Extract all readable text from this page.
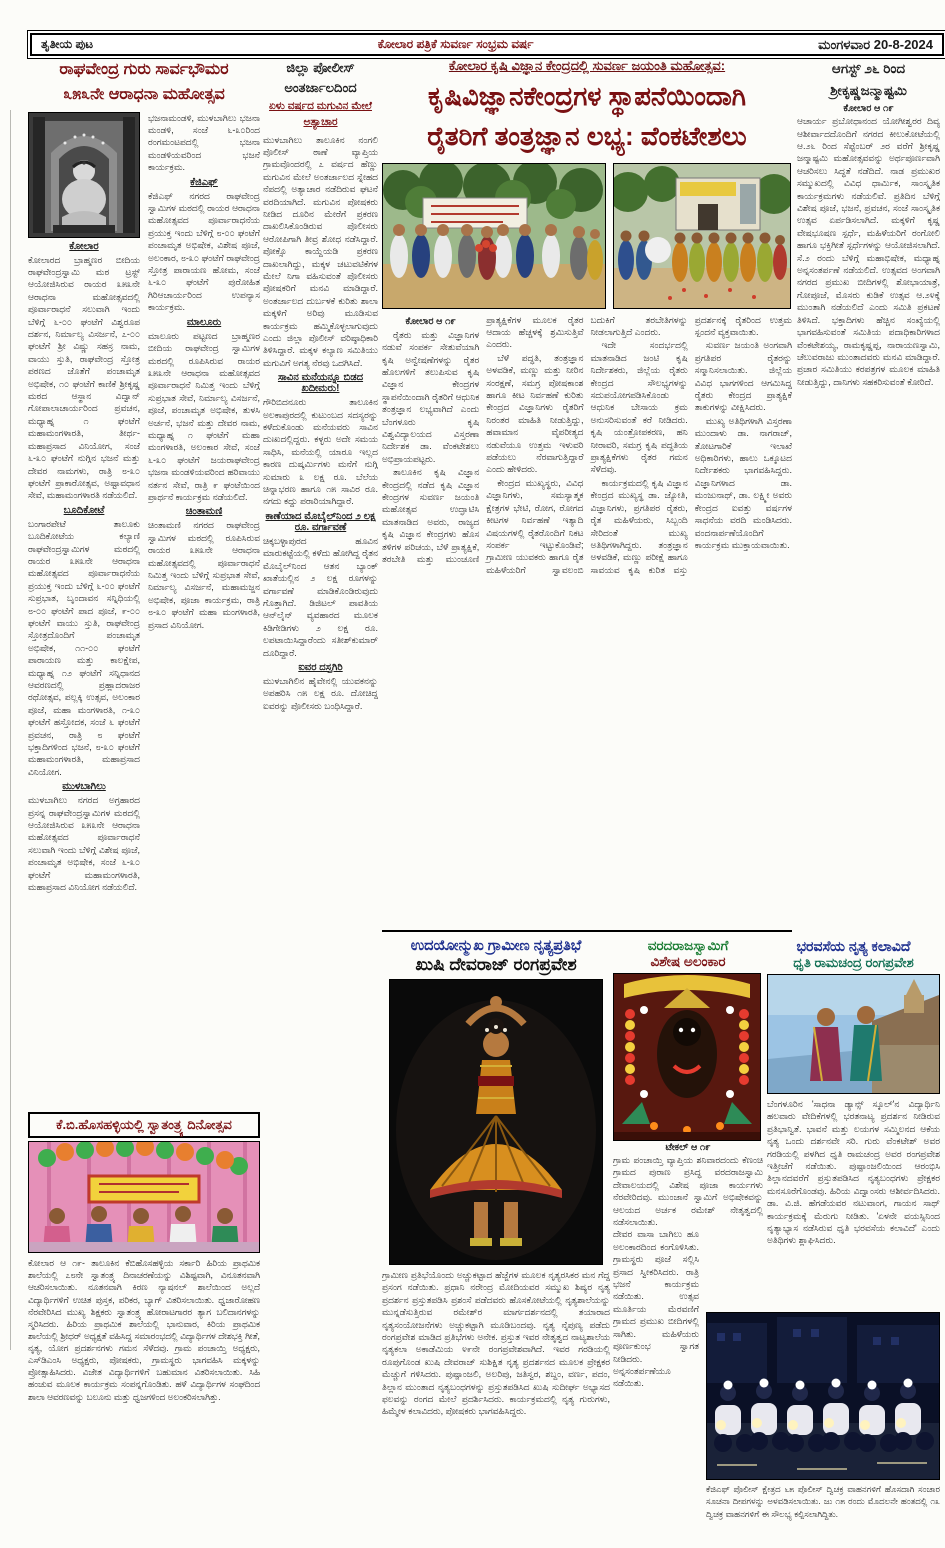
ತೃತೀಯ ಪುಟ	ಕೋಲಾರ ಪತ್ರಿಕೆ ಸುವರ್ಣ ಸಂಭ್ರಮ ವರ್ಷ	ಮಂಗಳವಾರ 20-8-2024
ರಾಘವೇಂದ್ರ ಗುರು ಸಾರ್ವಭೌಮರ
೩೫೩ನೇ ಆರಾಧನಾ ಮಹೋತ್ಸವ
ಕೋಲಾರ
ಕೋಲಾರದ ಬ್ರಾಹ್ಮಣರ ಬೀದಿಯ ರಾಘವೇಂದ್ರಸ್ವಾಮಿ ಮಠ ಟ್ರಸ್ಟ್ ಆಯೋಜಿಸಿರುವ ರಾಯರ ೩೫೩ನೇ ಆರಾಧನಾ ಮಹೋತ್ಸವದಲ್ಲಿ ಪೂರ್ವಾರಾಧನೆ ಸಲುವಾಗಿ ಇಂದು ಬೆಳಿಗ್ಗೆ ೬-೦೦ ಘಂಟೆಗೆ ವಿಶ್ವರೂಪ ದರ್ಶನ, ನಿರ್ಮಾಲ್ಯ ವಿಸರ್ಜನೆ, ೭-೦೦ ಘಂಟೆಗೆ ಶ್ರೀ ವಿಷ್ಣು ಸಹಸ್ರ ನಾಮ, ವಾಯು ಸ್ತುತಿ, ರಾಘವೇಂದ್ರ ಸ್ತೋತ್ರ ಪಠಣದ ಜೊತೆಗೆ ಪಂಚಾಮೃತ ಅಭಿಷೇಕ, ೧೦ ಘಂಟೆಗೆ ಕಾಣಿಕೆ ಶ್ರೀಕೃಷ್ಣ ಮಠದ ಆಸ್ಥಾನ ವಿದ್ವಾನ್ ಗೋಪಾಲಾಚಾರ್ಯರಿಂದ ಪ್ರವಚನ, ಮಧ್ಯಾಹ್ನ ೧ ಘಂಟೆಗೆ ಮಹಾಮಂಗಳಾರತಿ, ತೀರ್ಥ-ಮಹಾಪ್ರಸಾದ ವಿನಿಯೋಗ, ಸಂಜೆ ೬-೩೦ ಘಂಟೆಗೆ ನುಗ್ಗಿನ ಭಜನೆ ಮತ್ತು ದೇವರ ನಾಮಗಳು, ರಾತ್ರಿ ೮-೩೦ ಘಂಟೆಗೆ ಪ್ರಾಕಾರೋತ್ಸವ, ಅಷ್ಟಾವಧಾನ ಸೇವೆ, ಮಹಾಮಂಗಳಾರತಿ ನಡೆಯಲಿದೆ.
ಬೂದಿಕೋಟೆ
ಬಂಗಾರಪೇಟೆ ತಾಲೂಕು ಬೂದಿಕೋಟೆಯ ಕಲ್ಯಾಣಿ ರಾಘವೇಂದ್ರಸ್ವಾಮಿಗಳ ಮಠದಲ್ಲಿ ರಾಯರ ೩೫೩ನೇ ಆರಾಧನಾ ಮಹೋತ್ಸವದ ಪೂರ್ವಾರಾಧನೆಯ ಪ್ರಯುಕ್ತ ಇಂದು ಬೆಳಿಗ್ಗೆ ೬-೦೦ ಘಂಟೆಗೆ ಸುಪ್ರಭಾತ, ಬೃಂದಾವನ ಸನ್ನಿಧಿಯಲ್ಲಿ ೮-೦೦ ಘಂಟೆಗೆ ಪಾದ ಪೂಜೆ, ೯-೦೦ ಘಂಟೆಗೆ ವಾಯು ಸ್ತುತಿ, ರಾಘವೇಂದ್ರ ಸ್ತೋತ್ರದೊಂದಿಗೆ ಪಂಚಾಮೃತ ಅಭಿಷೇಕ, ೧೧-೦೦ ಘಂಟೆಗೆ ಪಾರಾಯಣ ಮತ್ತು ಕಾಲಕ್ಷೇಪ, ಮಧ್ಯಾಹ್ನ ೧೨ ಘಂಟೆಗೆ ಸನ್ನಿಧಾನದ ಆವರಣದಲ್ಲಿ ಪ್ರಹ್ಲಾದರಾಜರ ರಥೋತ್ಸವ, ಪಲ್ಲಕ್ಕಿ ಉತ್ಸವ, ಅಲಂಕಾರ ಪೂಜೆ, ಮಹಾ ಮಂಗಳಾರತಿ, ೧-೩೦ ಘಂಟೆಗೆ ಹಸ್ತೋದಕ, ಸಂಜೆ ೬ ಘಂಟೆಗೆ ಪ್ರವಚನ, ರಾತ್ರಿ ೮ ಘಂಟೆಗೆ ಭಕ್ತಾದಿಗಳಿಂದ ಭಜನೆ, ೮-೩೦ ಘಂಟೆಗೆ ಮಹಾಮಂಗಳಾರತಿ, ಮಹಾಪ್ರಸಾದ ವಿನಿಯೋಗ.
ಮುಳಬಾಗಿಲು
ಮುಳಬಾಗಿಲು ನಗರದ ಅಗ್ರಹಾರದ ಪ್ರಸನ್ನ ರಾಘವೇಂದ್ರಸ್ವಾಮಿಗಳ ಮಠದಲ್ಲಿ ಆಯೋಜಿಸಿರುವ ೩೫೩ನೇ ಆರಾಧನಾ ಮಹೋತ್ಸವದ ಪೂರ್ವಾರಾಧನೆ ಸಲುವಾಗಿ ಇಂದು ಬೆಳಿಗ್ಗೆ ವಿಶೇಷ ಪೂಜೆ, ಪಂಚಾಮೃತ ಅಭಿಷೇಕ, ಸಂಜೆ ೬-೩೦ ಘಂಟೆಗೆ ಮಹಾಮಂಗಳಾರತಿ, ಮಹಾಪ್ರಸಾದ ವಿನಿಯೋಗ ನಡೆಯಲಿದೆ.
ಭಜನಾಮಂಡಳಿ, ಮುಳಬಾಗಿಲು ಭಜನಾ ಮಂಡಳಿ, ಸಂಜೆ ೬-೩೦ರಿಂದ ರಂಗಮಂಟಪದಲ್ಲಿ ಭಜನಾ ಮಂಡಳಿಯವರಿಂದ ಭಜನೆ ಕಾರ್ಯಕ್ರಮ.
ಕೆಜಿಎಫ್
ಕೆಜಿಎಫ್ ನಗರದ ರಾಘವೇಂದ್ರ ಸ್ವಾಮಿಗಳ ಮಠದಲ್ಲಿ ರಾಯರ ಆರಾಧನಾ ಮಹೋತ್ಸವದ ಪೂರ್ವಾರಾಧನೆಯ ಪ್ರಯುಕ್ತ ಇಂದು ಬೆಳಿಗ್ಗೆ ೮-೦೦ ಘಂಟೆಗೆ ಪಂಚಾಮೃತ ಅಭಿಷೇಕ, ವಿಶೇಷ ಪೂಜೆ, ಅಲಂಕಾರ, ೮-೩೦ ಘಂಟೆಗೆ ರಾಘವೇಂದ್ರ ಸ್ತೋತ್ರ ಪಾರಾಯಣ ಹೋಮ, ಸಂಜೆ ೬-೩೦ ಘಂಟೆಗೆ ಪುರೋಹಿತ ಗಿರಿಆಚಾರ್ಯರಿಂದ ಉಪನ್ಯಾಸ ಕಾರ್ಯಕ್ರಮ.
ಮಾಲೂರು
ಮಾಲೂರು ಪಟ್ಟಣದ ಬ್ರಾಹ್ಮಣರ ಬೀದಿಯ ರಾಘವೇಂದ್ರ ಸ್ವಾಮಿಗಳ ಮಠದಲ್ಲಿ ರೂಪಿಸಿರುವ ರಾಯರ ೩೫೩ನೇ ಆರಾಧನಾ ಮಹೋತ್ಸವದ ಪೂರ್ವಾರಾಧನೆ ನಿಮಿತ್ತ ಇಂದು ಬೆಳಿಗ್ಗೆ ಸುಪ್ರಭಾತ ಸೇವೆ, ನಿರ್ಮಾಲ್ಯ ವಿಸರ್ಜನೆ, ಪೂಜೆ, ಪಂಚಾಮೃತ ಅಭಿಷೇಕ, ತುಳಸಿ ಅರ್ಚನೆ, ಭಜನೆ ಮತ್ತು ದೇವರ ನಾಮ, ಮಧ್ಯಾಹ್ನ ೧ ಘಂಟೆಗೆ ಮಹಾ ಮಂಗಳಾರತಿ, ಅಲಂಕಾರ ಸೇವೆ, ಸಂಜೆ ೬-೩೦ ಘಂಟೆಗೆ ಜಯರಾಘವೇಂದ್ರ ಭಜನಾ ಮಂಡಳಿಯವರಿಂದ ಹರಿವಾಯು ನರ್ತನ ಸೇವೆ, ರಾತ್ರಿ ೯ ಘಂಟೆಯಿಂದ ಪ್ರಾರ್ಥನೆ ಕಾರ್ಯಕ್ರಮ ನಡೆಯಲಿದೆ.
ಚಿಂತಾಮಣಿ
ಚಿಂತಾಮಣಿ ನಗರದ ರಾಘವೇಂದ್ರ ಸ್ವಾಮಿಗಳ ಮಠದಲ್ಲಿ ರೂಪಿಸಿರುವ ರಾಯರ ೩೫೩ನೇ ಆರಾಧನಾ ಮಹೋತ್ಸವದಲ್ಲಿ ಪೂರ್ವಾರಾಧನೆ ನಿಮಿತ್ತ ಇಂದು ಬೆಳಿಗ್ಗೆ ಸುಪ್ರಭಾತ ಸೇವೆ, ನಿರ್ಮಾಲ್ಯ ವಿಸರ್ಜನೆ, ಮಹಾಮಜ್ಜನ ಅಭಿಷೇಕ, ಪೂಜಾ ಕಾರ್ಯಕ್ರಮ, ರಾತ್ರಿ ೮-೩೦ ಘಂಟೆಗೆ ಮಹಾ ಮಂಗಳಾರತಿ, ಪ್ರಸಾದ ವಿನಿಯೋಗ.
ಜಿಲ್ಲಾ ಪೋಲೀಸ್
ಅಂತರ್ಜಾಲದಿಂದ
ಏಳು ವರ್ಷದ ಮಗುವಿನ ಮೇಲೆ ಅತ್ಯಾಚಾರ
ಮುಳಬಾಗಿಲು ತಾಲೂಕಿನ ನಂಗಲಿ ಪೊಲೀಸ್ ಠಾಣೆ ವ್ಯಾಪ್ತಿಯ ಗ್ರಾಮವೊಂದರಲ್ಲಿ ೭ ವರ್ಷದ ಹೆಣ್ಣು ಮಗುವಿನ ಮೇಲೆ ಅಂತರ್ಜಾಲದ ಸ್ನೇಹದ ನೆಪದಲ್ಲಿ ಅತ್ಯಾಚಾರ ನಡೆದಿರುವ ಘಟನೆ ವರದಿಯಾಗಿದೆ. ಮಗುವಿನ ಪೋಷಕರು ನೀಡಿದ ದೂರಿನ ಮೇರೆಗೆ ಪ್ರಕರಣ ದಾಖಲಿಸಿಕೊಂಡಿರುವ ಪೊಲೀಸರು ಆರೋಪಿಗಾಗಿ ತೀವ್ರ ಶೋಧ ನಡೆಸಿದ್ದಾರೆ. ಪೋಕ್ಸೊ ಕಾಯ್ದೆಯಡಿ ಪ್ರಕರಣ ದಾಖಲಾಗಿದ್ದು, ಮಕ್ಕಳ ಚಟುವಟಿಕೆಗಳ ಮೇಲೆ ನಿಗಾ ವಹಿಸುವಂತೆ ಪೊಲೀಸರು ಪೋಷಕರಿಗೆ ಮನವಿ ಮಾಡಿದ್ದಾರೆ. ಅಂತರ್ಜಾಲದ ದುರ್ಬಳಕೆ ಕುರಿತು ಶಾಲಾ ಮಕ್ಕಳಿಗೆ ಅರಿವು ಮೂಡಿಸುವ ಕಾರ್ಯಕ್ರಮ ಹಮ್ಮಿಕೊಳ್ಳಲಾಗುವುದು ಎಂದು ಜಿಲ್ಲಾ ಪೊಲೀಸ್ ವರಿಷ್ಠಾಧಿಕಾರಿ ತಿಳಿಸಿದ್ದಾರೆ. ಮಕ್ಕಳ ಕಲ್ಯಾಣ ಸಮಿತಿಯು ಮಗುವಿಗೆ ಅಗತ್ಯ ನೆರವು ಒದಗಿಸಿದೆ.
ಸಾವಿನ ಮನೆಯನ್ನೂ ಬಿಡದ ಖದೀಮರು!
ಗೌರಿಬಿದನೂರು ತಾಲೂಕಿನ ಅಲಕಾಪುರದಲ್ಲಿ ಕುಟುಂಬದ ಸದಸ್ಯರನ್ನು ಕಳೆದುಕೊಂಡು ಮನೆಯವರು ಸಾವಿನ ದುಃಖದಲ್ಲಿದ್ದರು. ಕಳ್ಳರು ಅದೇ ಸಮಯ ಸಾಧಿಸಿ, ಮನೆಯಲ್ಲಿ ಯಾರೂ ಇಲ್ಲದ ಕಾರಣ ದುಷ್ಕರ್ಮಿಗಳು ಮನೆಗೆ ನುಗ್ಗಿ ಸುಮಾರು ೩ ಲಕ್ಷ ರೂ. ಬೆಲೆಯ ಚಿನ್ನಾಭರಣ ಹಾಗೂ ೧೫ ಸಾವಿರ ರೂ. ನಗದು ಕದ್ದು ಪರಾರಿಯಾಗಿದ್ದಾರೆ.
ಕಾಣೆಯಾದ ಮೊಬೈಲ್‌ನಿಂದ ೨ ಲಕ್ಷ ರೂ. ವರ್ಗಾವಣೆ
ಚಿಕ್ಕಬಳ್ಳಾಪುರದ ಹೂವಿನ ಮಾರುಕಟ್ಟೆಯಲ್ಲಿ ಕಳೆದು ಹೋಗಿದ್ದ ರೈತನ ಮೊಬೈಲ್‌ನಿಂದ ಆತನ ಬ್ಯಾಂಕ್ ಖಾತೆಯಲ್ಲಿನ ೨ ಲಕ್ಷ ರೂಗಳನ್ನು ವರ್ಗಾವಣೆ ಮಾಡಿಕೊಂಡಿರುವುದು ಗೊತ್ತಾಗಿದೆ. ಡಿಜಿಟಲ್ ಪಾವತಿಯ ಆನ್‌ಲೈನ್ ವ್ಯವಹಾರದ ಮೂಲಕ ಕಿಡಿಗೇಡಿಗಳು ೨ ಲಕ್ಷ ರೂ. ಲಪಟಾಯಿಸಿದ್ದಾರೆಂದು ಸತೀಶ್‌ಕುಮಾರ್ ದೂರಿದ್ದಾರೆ.
ಐವರ ದಸ್ತಗಿರಿ
ಮುಳಬಾಗಿಲಿನ ಹೈವೇನಲ್ಲಿ ಯುವಕನನ್ನು ಅಪಹರಿಸಿ ೧೫ ಲಕ್ಷ ರೂ. ದೋಚಿದ್ದ ಐವರನ್ನು ಪೊಲೀಸರು ಬಂಧಿಸಿದ್ದಾರೆ.
ಕೋಲಾರ ಕೃಷಿ ವಿಜ್ಞಾನ ಕೇಂದ್ರದಲ್ಲಿ ಸುವರ್ಣ ಜಯಂತಿ ಮಹೋತ್ಸವ:
ಕೃಷಿವಿಜ್ಞಾನಕೇಂದ್ರಗಳ ಸ್ಥಾಪನೆಯಿಂದಾಗಿ
ರೈತರಿಗೆ ತಂತ್ರಜ್ಞಾನ ಲಭ್ಯ: ವೆಂಕಟೇಶಲು
ಕೋಲಾರ ಆ ೧೯

ರೈತರು ಮತ್ತು ವಿಜ್ಞಾನಿಗಳ ನಡುವೆ ಸಂಪರ್ಕ ಸೇತುವೆಯಾಗಿ ಕೃಷಿ ಅನ್ವೇಷಣೆಗಳನ್ನು ರೈತರ ಹೊಲಗಳಿಗೆ ತಲುಪಿಸುವ ಕೃಷಿ ವಿಜ್ಞಾನ ಕೇಂದ್ರಗಳ ಸ್ಥಾಪನೆಯಿಂದಾಗಿ ರೈತರಿಗೆ ಆಧುನಿಕ ತಂತ್ರಜ್ಞಾನ ಲಭ್ಯವಾಗಿದೆ ಎಂದು ಬೆಂಗಳೂರು ಕೃಷಿ ವಿಶ್ವವಿದ್ಯಾಲಯದ ವಿಸ್ತರಣಾ ನಿರ್ದೇಶಕ ಡಾ. ವೆಂಕಟೇಶಲು ಅಭಿಪ್ರಾಯಪಟ್ಟರು.

ತಾಲೂಕಿನ ಕೃಷಿ ವಿಜ್ಞಾನ ಕೇಂದ್ರದಲ್ಲಿ ನಡೆದ ಕೃಷಿ ವಿಜ್ಞಾನ ಕೇಂದ್ರಗಳ ಸುವರ್ಣ ಜಯಂತಿ ಮಹೋತ್ಸವ ಉದ್ಘಾಟಿಸಿ ಮಾತನಾಡಿದ ಅವರು, ರಾಜ್ಯದ ಕೃಷಿ ವಿಜ್ಞಾನ ಕೇಂದ್ರಗಳು ಹೊಸ ತಳಿಗಳ ಪರಿಚಯ, ಬೆಳೆ ಪ್ರಾತ್ಯಕ್ಷಿಕೆ, ತರಬೇತಿ ಮತ್ತು ಮುಂಚೂಣಿ ಪ್ರಾತ್ಯಕ್ಷಿಕೆಗಳ ಮೂಲಕ ರೈತರ ಆದಾಯ ಹೆಚ್ಚಳಕ್ಕೆ ಶ್ರಮಿಸುತ್ತಿವೆ ಎಂದರು.

ಬೆಳೆ ಪದ್ಧತಿ, ತಂತ್ರಜ್ಞಾನ ಅಳವಡಿಕೆ, ಮಣ್ಣು ಮತ್ತು ನೀರಿನ ಸಂರಕ್ಷಣೆ, ಸಮಗ್ರ ಪೋಷಕಾಂಶ ಹಾಗೂ ಕೀಟ ನಿರ್ವಹಣೆ ಕುರಿತು ಕೇಂದ್ರದ ವಿಜ್ಞಾನಿಗಳು ರೈತರಿಗೆ ನಿರಂತರ ಮಾಹಿತಿ ನೀಡುತ್ತಿದ್ದು, ಹವಾಮಾನ ವೈಪರೀತ್ಯದ ನಡುವೆಯೂ ಉತ್ತಮ ಇಳುವರಿ ಪಡೆಯಲು ನೆರವಾಗುತ್ತಿದ್ದಾರೆ ಎಂದು ಹೇಳಿದರು.

ಕೇಂದ್ರದ ಮುಖ್ಯಸ್ಥರು, ವಿವಿಧ ವಿಜ್ಞಾನಿಗಳು, ಸಮಸ್ಯಾತ್ಮಕ ಕ್ಷೇತ್ರಗಳ ಭೇಟಿ, ರೋಗ, ರೋಗದ ಕೀಟಗಳ ನಿರ್ವಹಣೆ ಇತ್ಯಾದಿ ವಿಷಯಗಳಲ್ಲಿ ರೈತರೊಂದಿಗೆ ನಿಕಟ ಸಂಪರ್ಕ ಇಟ್ಟುಕೊಂಡಿವೆ; ಗ್ರಾಮೀಣ ಯುವಕರು ಹಾಗೂ ರೈತ ಮಹಿಳೆಯರಿಗೆ ಸ್ವಾವಲಂಬಿ ಬದುಕಿಗೆ ತರಬೇತಿಗಳನ್ನು ನೀಡಲಾಗುತ್ತಿದೆ ಎಂದರು.

ಇದೇ ಸಂದರ್ಭದಲ್ಲಿ ಮಾತನಾಡಿದ ಜಂಟಿ ಕೃಷಿ ನಿರ್ದೇಶಕರು, ಜಿಲ್ಲೆಯ ರೈತರು ಕೇಂದ್ರದ ಸೌಲಭ್ಯಗಳನ್ನು ಸದುಪಯೋಗಪಡಿಸಿಕೊಂಡು ಆಧುನಿಕ ಬೇಸಾಯ ಕ್ರಮ ಅನುಸರಿಸುವಂತೆ ಕರೆ ನೀಡಿದರು. ಕೃಷಿ ಯಂತ್ರೋಪಕರಣ, ಹನಿ ನೀರಾವರಿ, ಸಮಗ್ರ ಕೃಷಿ ಪದ್ಧತಿಯ ಪ್ರಾತ್ಯಕ್ಷಿಕೆಗಳು ರೈತರ ಗಮನ ಸೆಳೆದವು.

ಕಾರ್ಯಕ್ರಮದಲ್ಲಿ ಕೃಷಿ ವಿಜ್ಞಾನ ಕೇಂದ್ರದ ಮುಖ್ಯಸ್ಥ ಡಾ. ಜ್ಯೋತಿ, ವಿಜ್ಞಾನಿಗಳು, ಪ್ರಗತಿಪರ ರೈತರು, ರೈತ ಮಹಿಳೆಯರು, ಸಿಬ್ಬಂದಿ ಸೇರಿದಂತೆ ಮುಖ್ಯ ಅತಿಥಿಗಳಾಗಿದ್ದರು. ತಂತ್ರಜ್ಞಾನ ಅಳವಡಿಕೆ, ಮಣ್ಣು ಪರೀಕ್ಷೆ ಹಾಗೂ ಸಾವಯವ ಕೃಷಿ ಕುರಿತ ವಸ್ತು ಪ್ರದರ್ಶನಕ್ಕೆ ರೈತರಿಂದ ಉತ್ತಮ ಸ್ಪಂದನೆ ವ್ಯಕ್ತವಾಯಿತು.

ಸುವರ್ಣ ಜಯಂತಿ ಅಂಗವಾಗಿ ಪ್ರಗತಿಪರ ರೈತರನ್ನು ಸನ್ಮಾನಿಸಲಾಯಿತು. ಜಿಲ್ಲೆಯ ವಿವಿಧ ಭಾಗಗಳಿಂದ ಆಗಮಿಸಿದ್ದ ರೈತರು ಕೇಂದ್ರದ ಪ್ರಾತ್ಯಕ್ಷಿಕೆ ತಾಕುಗಳನ್ನು ವೀಕ್ಷಿಸಿದರು.

ಮುಖ್ಯ ಅತಿಥಿಗಳಾಗಿ ವಿಸ್ತರಣಾ ಮುಂದಾಳು ಡಾ. ನಾಗರಾಜ್, ತೋಟಗಾರಿಕೆ ಇಲಾಖೆ ಅಧಿಕಾರಿಗಳು, ಹಾಲು ಒಕ್ಕೂಟದ ನಿರ್ದೇಶಕರು ಭಾಗವಹಿಸಿದ್ದರು. ವಿಜ್ಞಾನಿಗಳಾದ ಡಾ. ಮಂಜುನಾಥ್, ಡಾ. ಲಕ್ಷ್ಮೀ ಅವರು ಕೇಂದ್ರದ ಐವತ್ತು ವರ್ಷಗಳ ಸಾಧನೆಯ ವರದಿ ಮಂಡಿಸಿದರು. ವಂದನಾರ್ಪಣೆಯೊಂದಿಗೆ ಕಾರ್ಯಕ್ರಮ ಮುಕ್ತಾಯವಾಯಿತು.

ಆಗಸ್ಟ್ ೨೬ ರಿಂದ
ಶ್ರೀಕೃಷ್ಣಜನ್ಮಾಷ್ಟಮಿ
ಕೋಲಾರ ಆ ೧೯
ಆಚಾರ್ಯ ಪ್ರಬೋಧಾನಂದ ಯೋಗೀಶ್ವರರ ದಿವ್ಯ ಆಶೀರ್ವಾದದೊಂದಿಗೆ ನಗರದ ಕೀಲುಕೋಟೆಯಲ್ಲಿ ಆ.೨೬ ರಿಂದ ಸೆಪ್ಟೆಂಬರ್ ೨ರ ವರೆಗೆ ಶ್ರೀಕೃಷ್ಣ ಜನ್ಮಾಷ್ಟಮಿ ಮಹೋತ್ಸವವನ್ನು ಅರ್ಥಪೂರ್ಣವಾಗಿ ಆಚರಿಸಲು ಸಿದ್ಧತೆ ನಡೆದಿದೆ. ನಾಡ ಪ್ರಮುಖರ ಸಮ್ಮುಖದಲ್ಲಿ ವಿವಿಧ ಧಾರ್ಮಿಕ, ಸಾಂಸ್ಕೃತಿಕ ಕಾರ್ಯಕ್ರಮಗಳು ನಡೆಯಲಿವೆ. ಪ್ರತಿದಿನ ಬೆಳಿಗ್ಗೆ ವಿಶೇಷ ಪೂಜೆ, ಭಜನೆ, ಪ್ರವಚನ, ಸಂಜೆ ಸಾಂಸ್ಕೃತಿಕ ಉತ್ಸವ ಏರ್ಪಡಿಸಲಾಗಿದೆ. ಮಕ್ಕಳಿಗೆ ಕೃಷ್ಣ ವೇಷಭೂಷಣ ಸ್ಪರ್ಧೆ, ಮಹಿಳೆಯರಿಗೆ ರಂಗೋಲಿ ಹಾಗೂ ಭಕ್ತಿಗೀತೆ ಸ್ಪರ್ಧೆಗಳನ್ನು ಆಯೋಜಿಸಲಾಗಿದೆ. ಸೆ.೨ ರಂದು ಬೆಳಿಗ್ಗೆ ಮಹಾಭಿಷೇಕ, ಮಧ್ಯಾಹ್ನ ಅನ್ನಸಂತರ್ಪಣೆ ನಡೆಯಲಿದೆ. ಉತ್ಸವದ ಅಂಗವಾಗಿ ನಗರದ ಪ್ರಮುಖ ಬೀದಿಗಳಲ್ಲಿ ಶೋಭಾಯಾತ್ರೆ, ಗೋಪೂಜೆ, ಮೊಸರು ಕುಡಿಕೆ ಉತ್ಸವ ಆ.೨೪ಕ್ಕೆ ಮುಂತಾಗಿ ನಡೆಯಲಿದೆ ಎಂದು ಸಮಿತಿ ಪ್ರಕಟಣೆ ತಿಳಿಸಿದೆ. ಭಕ್ತಾದಿಗಳು ಹೆಚ್ಚಿನ ಸಂಖ್ಯೆಯಲ್ಲಿ ಭಾಗವಹಿಸುವಂತೆ ಸಮಿತಿಯ ಪದಾಧಿಕಾರಿಗಳಾದ ವೆಂಕಟೇಶಯ್ಯ, ರಾಮಕೃಷ್ಣಪ್ಪ, ನಾರಾಯಣಸ್ವಾಮಿ, ಚೆಲುವರಾಜು ಮುಂತಾದವರು ಮನವಿ ಮಾಡಿದ್ದಾರೆ. ಪ್ರಚಾರ ಸಮಿತಿಯು ಕರಪತ್ರಗಳ ಮೂಲಕ ಮಾಹಿತಿ ನೀಡುತ್ತಿದ್ದು, ದಾನಿಗಳು ಸಹಕರಿಸುವಂತೆ ಕೋರಿದೆ.
ಉದಯೋನ್ಮುಖ ಗ್ರಾಮೀಣ ನೃತ್ಯಪ್ರತಿಭೆ
ಖುಷಿ ದೇವರಾಜ್ ರಂಗಪ್ರವೇಶ
ಗ್ರಾಮೀಣ ಪ್ರತಿಭೆಯೊಂದು ಅಚ್ಚುಕಟ್ಟಾದ ಹೆಜ್ಜೆಗಳ ಮೂಲಕ ನೃತ್ಯರಸಿಕರ ಮನ ಗೆದ್ದ ಪ್ರಸಂಗ ನಡೆಯಿತು. ಪ್ರಧಾನಿ ನರೇಂದ್ರ ಮೋದಿಯವರ ಸಮ್ಮುಖ ಶಿಷ್ಯರ ನೃತ್ಯ ಪ್ರದರ್ಶನ ಪ್ರಸ್ತುತಪಡಿಸಿ ಪ್ರಶಂಸೆ ಪಡೆದವರು ಹೊಸಕೋಟೆಯಲ್ಲಿ ನೃತ್ಯಶಾಲೆಯನ್ನು ಮುನ್ನಡೆಸುತ್ತಿರುವ ರಮೇಶ್‌ರ ಮಾರ್ಗದರ್ಶನದಲ್ಲಿ ತಯಾರಾದ ನೃತ್ಯಸಂಯೋಜನೆಗಳು ಅಚ್ಚುಕಟ್ಟಾಗಿ ಮೂಡಿಬಂದವು. ನೃತ್ಯ ನೈಪುಣ್ಯ ಪಡೆದು ರಂಗಪ್ರವೇಶ ಮಾಡಿದ ಪ್ರತಿಭೆಗಳು ಅನೇಕ. ಪ್ರಸ್ತುತ ಇವರ ನೇತೃತ್ವದ ನಾಟ್ಯಶಾಲೆಯ ನೃತ್ಯಕಲಾ ಅಕಾಡೆಮಿಯ ೪೯ನೇ ರಂಗಪ್ರವೇಶವಾಗಿದೆ. ಇವರ ಗರಡಿಯಲ್ಲಿ ರೂಪುಗೊಂಡ ಖುಷಿ ದೇವರಾಜ್ ಸುಶಿಕ್ಷಿತ ನೃತ್ಯ ಪ್ರದರ್ಶನದ ಮೂಲಕ ಪ್ರೇಕ್ಷಕರ ಮೆಚ್ಚುಗೆ ಗಳಿಸಿದರು. ಪುಷ್ಪಾಂಜಲಿ, ಅಲರಿಪು, ಜತಿಸ್ವರ, ಶಬ್ದಂ, ವರ್ಣ, ಪದಂ, ತಿಲ್ಲಾನ ಮುಂತಾದ ನೃತ್ಯಬಂಧಗಳನ್ನು ಪ್ರಸ್ತುತಪಡಿಸಿದ ಖುಷಿ ಸುದೀರ್ಘ ಅಭ್ಯಾಸದ ಫಲವನ್ನು ರಂಗದ ಮೇಲೆ ಪ್ರದರ್ಶಿಸಿದರು. ಕಾರ್ಯಕ್ರಮದಲ್ಲಿ ನೃತ್ಯ ಗುರುಗಳು, ಹಿಮ್ಮೇಳ ಕಲಾವಿದರು, ಪೋಷಕರು ಭಾಗವಹಿಸಿದ್ದರು.
ವರದರಾಜಸ್ವಾಮಿಗೆ
ವಿಶೇಷ ಅಲಂಕಾರ
ಟೇಕಲ್ ಆ ೧೯
ಗ್ರಾಮ ಪಂಚಾಯ್ತಿ ವ್ಯಾಪ್ತಿಯ ಶನಿವಾರದಂದು ಕೆಣಂಚಿ ಗ್ರಾಮದ ಪುರಾಣ ಪ್ರಸಿದ್ಧ ವರದರಾಜಸ್ವಾಮಿ ದೇವಾಲಯದಲ್ಲಿ ವಿಶೇಷ ಪೂಜಾ ಕಾರ್ಯಗಳು ನೆರವೇರಿದವು. ಮುಂಜಾನೆ ಸ್ವಾಮಿಗೆ ಅಭಿಷೇಕವನ್ನು ಆಲಯದ ಅರ್ಚಕ ರಮೇಶ್ ನೇತೃತ್ವದಲ್ಲಿ ನಡೆಸಲಾಯಿತು.
ದೇವರ ವಾಸಾ ಬಾಗಿಲು ಹೂ ಅಲಂಕಾರದಿಂದ ಕಂಗೊಳಿಸಿತು. ಗ್ರಾಮಸ್ಥರು ಪೂಜೆ ಸಲ್ಲಿಸಿ ಪ್ರಸಾದ ಸ್ವೀಕರಿಸಿದರು. ರಾತ್ರಿ ಭಜನೆ ಕಾರ್ಯಕ್ರಮ ನಡೆಯಿತು. ಉತ್ಸವ ಮೂರ್ತಿಯ ಮೆರವಣಿಗೆ ಗ್ರಾಮದ ಪ್ರಮುಖ ಬೀದಿಗಳಲ್ಲಿ ಸಾಗಿತು. ಮಹಿಳೆಯರು ಪೂರ್ಣಕುಂಭ ಸ್ವಾಗತ ನೀಡಿದರು. ಅನ್ನಸಂತರ್ಪಣೆಯೂ ನಡೆಯಿತು.
ಭರವಸೆಯ ನೃತ್ಯ ಕಲಾವಿದೆ
ಧೃತಿ ರಾಮಚಂದ್ರ ರಂಗಪ್ರವೇಶ
ಬೆಂಗಳೂರಿನ 'ಸಾಧನಾ ಡ್ಯಾನ್ಸ್ ಸ್ಕೂಲ್'ನ ವಿದ್ಯಾರ್ಥಿನಿ ಹಲವಾರು ವೇದಿಕೆಗಳಲ್ಲಿ ಭರತನಾಟ್ಯ ಪ್ರದರ್ಶನ ನೀಡಿರುವ ಪ್ರತಿಭಾನ್ವಿತೆ. ಭಾವನೆ ಮತ್ತು ಲಯಗಳ ಸಮ್ಮಿಲನದ ಆಕೆಯ ನೃತ್ಯ ಒಂದು ದರ್ಶನವೇ ಸರಿ. ಗುರು ವೆಂಕಟೇಶ್ ಅವರ ಗರಡಿಯಲ್ಲಿ ಪಳಗಿದ ಧೃತಿ ರಾಮಚಂದ್ರ ಅವರ ರಂಗಪ್ರವೇಶ ಇತ್ತೀಚೆಗೆ ನಡೆಯಿತು. ಪುಷ್ಪಾಂಜಲಿಯಿಂದ ಆರಂಭಿಸಿ ತಿಲ್ಲಾನದವರೆಗೆ ಪ್ರಸ್ತುತಪಡಿಸಿದ ನೃತ್ಯಬಂಧಗಳು ಪ್ರೇಕ್ಷಕರ ಮನಸೂರೆಗೊಂಡವು. ಹಿರಿಯ ವಿದ್ವಾಂಸರು ಆಶೀರ್ವದಿಸಿದರು. ಡಾ. ವಿ.ಜಿ. ಹೆಗಡೆಯವರ ನಟುವಾಂಗ, ಗಾಯನ ಸಾಥ್ ಕಾರ್ಯಕ್ರಮಕ್ಕೆ ಮೆರುಗು ನೀಡಿತು. 'ಏಳನೇ ವಯಸ್ಸಿನಿಂದ ನೃತ್ಯಾಭ್ಯಾಸ ನಡೆಸಿರುವ ಧೃತಿ ಭರವಸೆಯ ಕಲಾವಿದೆ' ಎಂದು ಅತಿಥಿಗಳು ಶ್ಲಾಘಿಸಿದರು.
ಕೆಜಿಎಫ್ ಪೊಲೀಸ್ ಕ್ಷೇತ್ರದ ೬೫ ಪೊಲೀಸ್ ದ್ವಿಚಕ್ರ ವಾಹನಗಳಿಗೆ ಹೊಸದಾಗಿ ಸಂಚಾರ ಸೂಚನಾ ದೀಪಗಳನ್ನು ಅಳವಡಿಸಲಾಯಿತು. ಜು ೧೫ ರಂದು ಮೊದಲನೇ ಹಂತದಲ್ಲಿ ೧೩ ದ್ವಿಚಕ್ರ ವಾಹನಗಳಿಗೆ ಈ ಸೌಲಭ್ಯ ಕಲ್ಪಿಸಲಾಗಿದ್ದಿತು.
ಕೆ.ಬಿ.ಹೊಸಹಳ್ಳಿಯಲ್ಲಿ ಸ್ವಾತಂತ್ರ್ಯ ದಿನೋತ್ಸವ
ಕೋಲಾರ ಆ ೧೯- ತಾಲೂಕಿನ ಕೆಬಿಹೊಸಹಳ್ಳಿಯ ಸರ್ಕಾರಿ ಹಿರಿಯ ಪ್ರಾಥಮಿಕ ಶಾಲೆಯಲ್ಲಿ ೭೮ನೇ ಸ್ವಾತಂತ್ರ್ಯ ದಿನಾಚರಣೆಯನ್ನು ವಿಶಿಷ್ಟವಾಗಿ, ವಿನೂತನವಾಗಿ ಆಚರಿಸಲಾಯಿತು. ನೂತನವಾಗಿ ಕಿರಣ ನ್ಯಾಷನಲ್ ಶಾಲೆಯಿಂದ ಅಲ್ಲದೆ ವಿದ್ಯಾರ್ಥಿಗಳಿಗೆ ಉಚಿತ ಪುಸ್ತಕ, ಪರಿಕರ, ಬ್ಯಾಗ್ ವಿತರಿಸಲಾಯಿತು. ಧ್ವಜಾರೋಹಣ ನೆರವೇರಿಸಿದ ಮುಖ್ಯ ಶಿಕ್ಷಕರು ಸ್ವಾತಂತ್ರ್ಯ ಹೋರಾಟಗಾರರ ತ್ಯಾಗ ಬಲಿದಾನಗಳನ್ನು ಸ್ಮರಿಸಿದರು. ಹಿರಿಯ ಪ್ರಾಥಮಿಕ ಶಾಲೆಯಲ್ಲಿ ಭಾನುವಾರ, ಕಿರಿಯ ಪ್ರಾಥಮಿಕ ಶಾಲೆಯಲ್ಲಿ ಶ್ರೀಧರ್ ಅಧ್ಯಕ್ಷತೆ ವಹಿಸಿದ್ದ ಸಮಾರಂಭದಲ್ಲಿ ವಿದ್ಯಾರ್ಥಿಗಳ ದೇಶಭಕ್ತಿ ಗೀತೆ, ನೃತ್ಯ, ಯೋಗ ಪ್ರದರ್ಶನಗಳು ಗಮನ ಸೆಳೆದವು. ಗ್ರಾಮ ಪಂಚಾಯ್ತಿ ಅಧ್ಯಕ್ಷರು, ಎಸ್‌ಡಿಎಂಸಿ ಅಧ್ಯಕ್ಷರು, ಪೋಷಕರು, ಗ್ರಾಮಸ್ಥರು ಭಾಗವಹಿಸಿ ಮಕ್ಕಳನ್ನು ಪ್ರೋತ್ಸಾಹಿಸಿದರು. ವಿಜೇತ ವಿದ್ಯಾರ್ಥಿಗಳಿಗೆ ಬಹುಮಾನ ವಿತರಿಸಲಾಯಿತು. ಸಿಹಿ ಹಂಚುವ ಮೂಲಕ ಕಾರ್ಯಕ್ರಮ ಸಂಪನ್ನಗೊಂಡಿತು. ಹಳೆ ವಿದ್ಯಾರ್ಥಿಗಳ ಸಂಘದಿಂದ ಶಾಲಾ ಆವರಣವನ್ನು ಬಲೂನು ಮತ್ತು ಧ್ವಜಗಳಿಂದ ಅಲಂಕರಿಸಲಾಗಿತ್ತು.
